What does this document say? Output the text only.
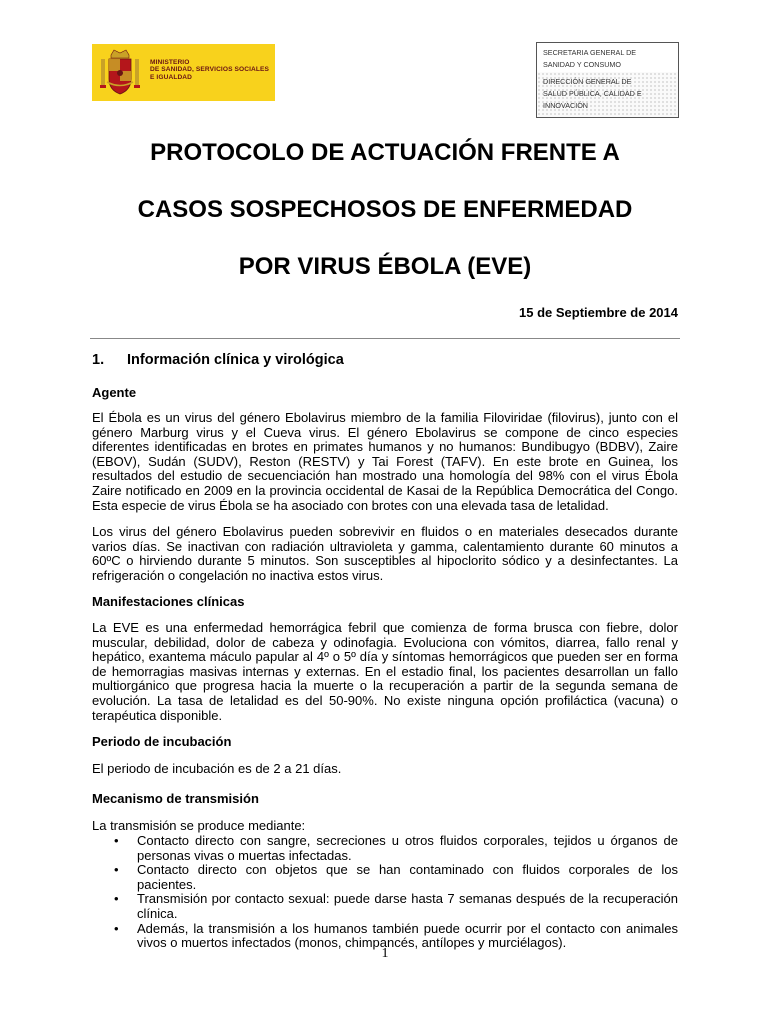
MINISTERIO
DE SANIDAD, SERVICIOS SOCIALES
E IGUALDAD
SECRETARIA GENERAL DE
SANIDAD Y CONSUMO
DIRECCIÓN GENERAL DE
SALUD PÚBLICA, CALIDAD E
INNOVACIÓN
PROTOCOLO DE ACTUACIÓN FRENTE A
CASOS SOSPECHOSOS DE ENFERMEDAD
POR VIRUS ÉBOLA (EVE)
15 de Septiembre de 2014
1. Información clínica y virológica
Agente
El Ébola es un virus del género Ebolavirus miembro de la familia Filoviridae (filovirus), junto con el género Marburg virus y el Cueva virus. El género Ebolavirus se compone de cinco especies diferentes identificadas en brotes en primates humanos y no humanos: Bundibugyo (BDBV), Zaire (EBOV), Sudán (SUDV), Reston (RESTV) y Tai Forest (TAFV). En este brote en Guinea, los resultados del estudio de secuenciación han mostrado una homología del 98% con el virus Ébola Zaire notificado en 2009 en la provincia occidental de Kasai de la República Democrática del Congo. Esta especie de virus Ébola se ha asociado con brotes con una elevada tasa de letalidad.
Los virus del género Ebolavirus pueden sobrevivir en fluidos o en materiales desecados durante varios días. Se inactivan con radiación ultravioleta y gamma, calentamiento durante 60 minutos a 60ºC o hirviendo durante 5 minutos. Son susceptibles al hipoclorito sódico y a desinfectantes. La refrigeración o congelación no inactiva estos virus.
Manifestaciones clínicas
La EVE es una enfermedad hemorrágica febril que comienza de forma brusca con fiebre, dolor muscular, debilidad, dolor de cabeza y odinofagia. Evoluciona con vómitos, diarrea, fallo renal y hepático, exantema máculo papular al 4º o 5º día y síntomas hemorrágicos que pueden ser en forma de hemorragias masivas internas y externas. En el estadio final, los pacientes desarrollan un fallo multiorgánico que progresa hacia la muerte o la recuperación a partir de la segunda semana de evolución. La tasa de letalidad es del 50-90%. No existe ninguna opción profiláctica (vacuna) o terapéutica disponible.
Periodo de incubación
El periodo de incubación es de 2 a 21 días.
Mecanismo de transmisión
La transmisión se produce mediante:
• Contacto directo con sangre, secreciones u otros fluidos corporales, tejidos u órganos de personas vivas o muertas infectadas.
• Contacto directo con objetos que se han contaminado con fluidos corporales de los pacientes.
• Transmisión por contacto sexual: puede darse hasta 7 semanas después de la recuperación clínica.
• Además, la transmisión a los humanos también puede ocurrir por el contacto con animales vivos o muertos infectados (monos, chimpancés, antílopes y murciélagos).
1
